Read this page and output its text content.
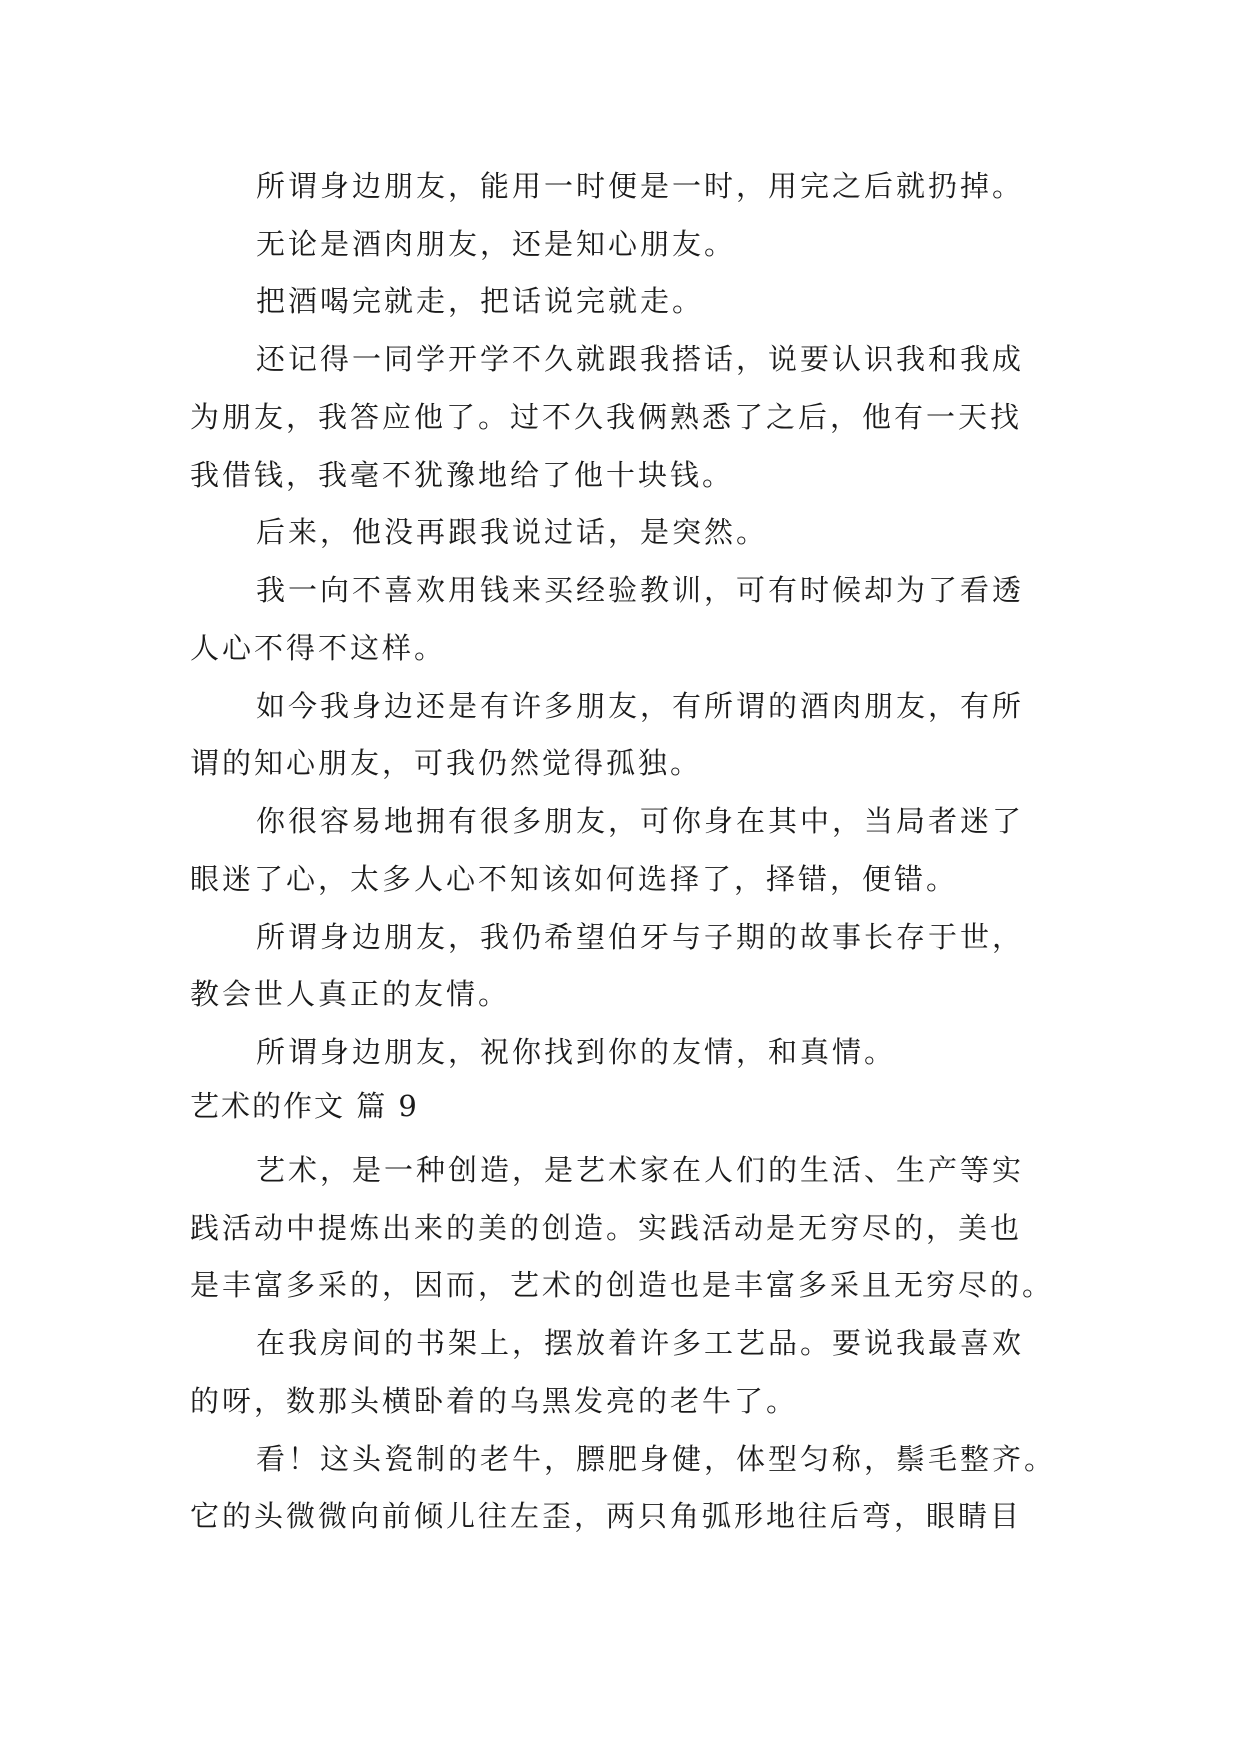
所谓身边朋友，能用一时便是一时，用完之后就扔掉。

无论是酒肉朋友，还是知心朋友。

把酒喝完就走，把话说完就走。

还记得一同学开学不久就跟我搭话，说要认识我和我成

为朋友，我答应他了。过不久我俩熟悉了之后，他有一天找

我借钱，我毫不犹豫地给了他十块钱。

后来，他没再跟我说过话，是突然。

我一向不喜欢用钱来买经验教训，可有时候却为了看透

人心不得不这样。

如今我身边还是有许多朋友，有所谓的酒肉朋友，有所

谓的知心朋友，可我仍然觉得孤独。

你很容易地拥有很多朋友，可你身在其中，当局者迷了

眼迷了心，太多人心不知该如何选择了，择错，便错。

所谓身边朋友，我仍希望伯牙与子期的故事长存于世，

教会世人真正的友情。

所谓身边朋友，祝你找到你的友情，和真情。

艺术的作文 篇 9

艺术，是一种创造，是艺术家在人们的生活、生产等实

践活动中提炼出来的美的创造。实践活动是无穷尽的，美也

是丰富多采的，因而，艺术的创造也是丰富多采且无穷尽的。

在我房间的书架上，摆放着许多工艺品。要说我最喜欢

的呀，数那头横卧着的乌黑发亮的老牛了。

看！这头瓷制的老牛，膘肥身健，体型匀称，鬃毛整齐。

它的头微微向前倾儿往左歪，两只角弧形地往后弯，眼睛目
